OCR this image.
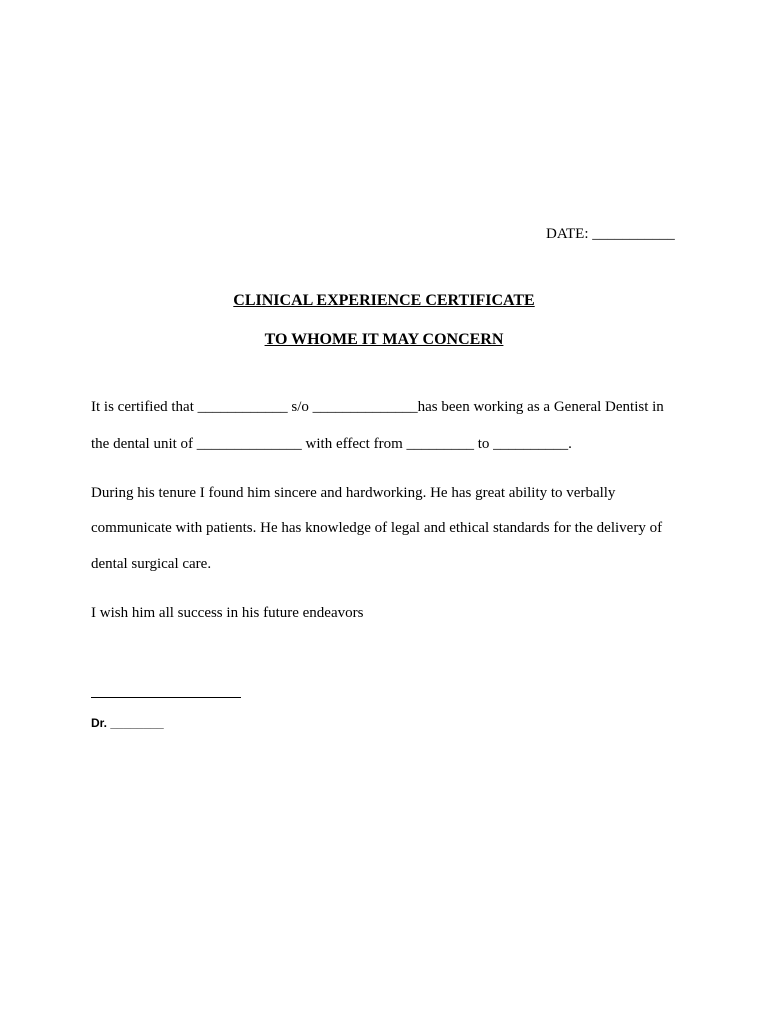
DATE: ___________
CLINICAL EXPERIENCE CERTIFICATE
TO WHOME IT MAY CONCERN
It is certified that ____________ s/o ______________has been working as a General Dentist in
the dental unit of ______________ with effect from _________ to __________.
During his tenure I found him sincere and hardworking. He has great ability to verbally
communicate with patients. He has knowledge of legal and ethical standards for the delivery of
dental surgical care.
I wish him all success in his future endeavors
Dr. ________
